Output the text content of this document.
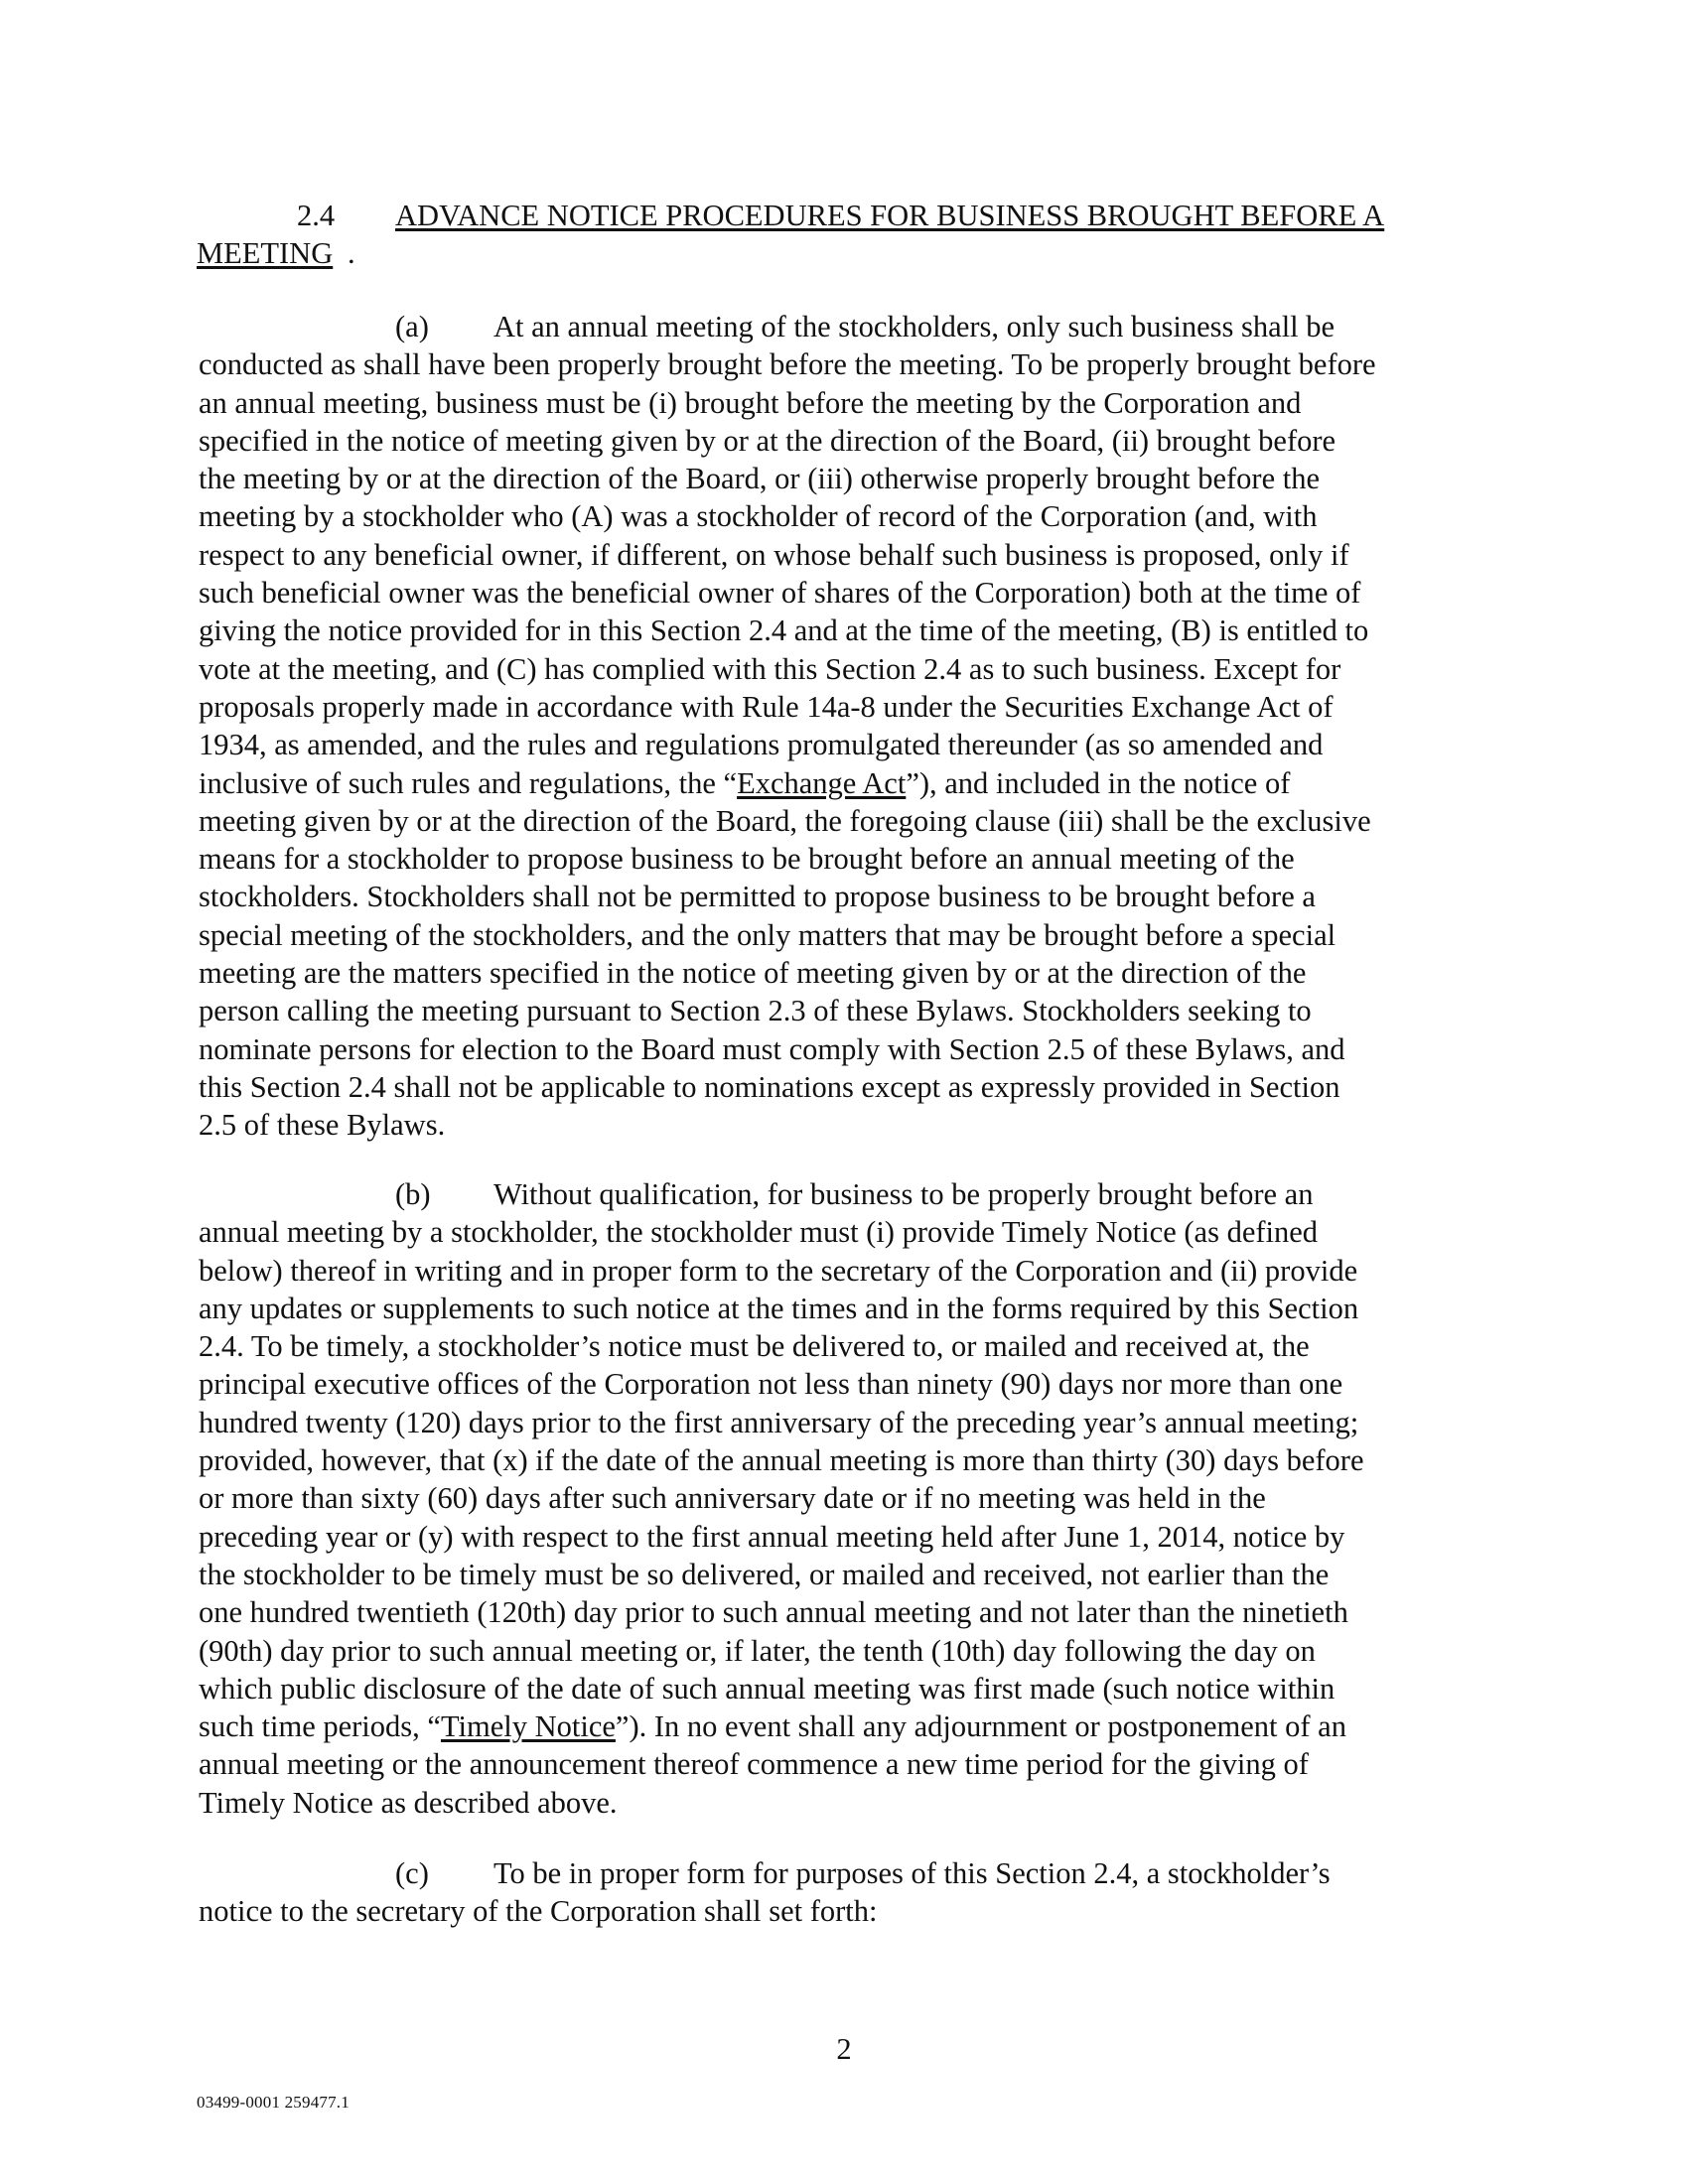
2.4 ADVANCE NOTICE PROCEDURES FOR BUSINESS BROUGHT BEFORE A
MEETING .
(a) At an annual meeting of the stockholders, only such business shall be
conducted as shall have been properly brought before the meeting. To be properly brought before
an annual meeting, business must be (i) brought before the meeting by the Corporation and
specified in the notice of meeting given by or at the direction of the Board, (ii) brought before
the meeting by or at the direction of the Board, or (iii) otherwise properly brought before the
meeting by a stockholder who (A) was a stockholder of record of the Corporation (and, with
respect to any beneficial owner, if different, on whose behalf such business is proposed, only if
such beneficial owner was the beneficial owner of shares of the Corporation) both at the time of
giving the notice provided for in this Section 2.4 and at the time of the meeting, (B) is entitled to
vote at the meeting, and (C) has complied with this Section 2.4 as to such business. Except for
proposals properly made in accordance with Rule 14a-8 under the Securities Exchange Act of
1934, as amended, and the rules and regulations promulgated thereunder (as so amended and
inclusive of such rules and regulations, the “Exchange Act”), and included in the notice of
meeting given by or at the direction of the Board, the foregoing clause (iii) shall be the exclusive
means for a stockholder to propose business to be brought before an annual meeting of the
stockholders. Stockholders shall not be permitted to propose business to be brought before a
special meeting of the stockholders, and the only matters that may be brought before a special
meeting are the matters specified in the notice of meeting given by or at the direction of the
person calling the meeting pursuant to Section 2.3 of these Bylaws. Stockholders seeking to
nominate persons for election to the Board must comply with Section 2.5 of these Bylaws, and
this Section 2.4 shall not be applicable to nominations except as expressly provided in Section
2.5 of these Bylaws.
(b) Without qualification, for business to be properly brought before an
annual meeting by a stockholder, the stockholder must (i) provide Timely Notice (as defined
below) thereof in writing and in proper form to the secretary of the Corporation and (ii) provide
any updates or supplements to such notice at the times and in the forms required by this Section
2.4. To be timely, a stockholder’s notice must be delivered to, or mailed and received at, the
principal executive offices of the Corporation not less than ninety (90) days nor more than one
hundred twenty (120) days prior to the first anniversary of the preceding year’s annual meeting;
provided, however, that (x) if the date of the annual meeting is more than thirty (30) days before
or more than sixty (60) days after such anniversary date or if no meeting was held in the
preceding year or (y) with respect to the first annual meeting held after June 1, 2014, notice by
the stockholder to be timely must be so delivered, or mailed and received, not earlier than the
one hundred twentieth (120th) day prior to such annual meeting and not later than the ninetieth
(90th) day prior to such annual meeting or, if later, the tenth (10th) day following the day on
which public disclosure of the date of such annual meeting was first made (such notice within
such time periods, “Timely Notice”). In no event shall any adjournment or postponement of an
annual meeting or the announcement thereof commence a new time period for the giving of
Timely Notice as described above.
(c) To be in proper form for purposes of this Section 2.4, a stockholder’s
notice to the secretary of the Corporation shall set forth:
2
03499-0001 259477.1
